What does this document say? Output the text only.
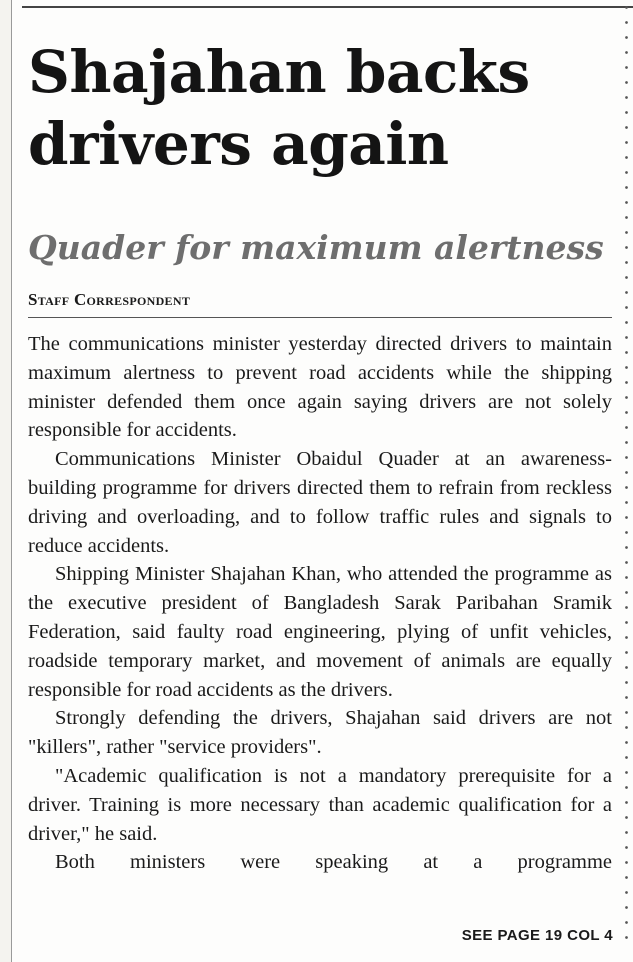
Shajahan backs drivers again
Quader for maximum alertness
Staff Correspondent

The communications minister yesterday directed drivers to maintain maximum alertness to prevent road accidents while the shipping minister defended them once again saying drivers are not solely responsible for accidents.

Communications Minister Obaidul Quader at an awareness-building programme for drivers directed them to refrain from reckless driving and overloading, and to follow traffic rules and signals to reduce accidents.

Shipping Minister Shajahan Khan, who attended the programme as the executive president of Bangladesh Sarak Paribahan Sramik Federation, said faulty road engineering, plying of unfit vehicles, roadside temporary market, and movement of animals are equally responsible for road accidents as the drivers.

Strongly defending the drivers, Shajahan said drivers are not "killers", rather "service providers".

"Academic qualification is not a mandatory prerequisite for a driver. Training is more necessary than academic qualification for a driver," he said.

Both ministers were speaking at a programme

SEE PAGE 19 COL 4
